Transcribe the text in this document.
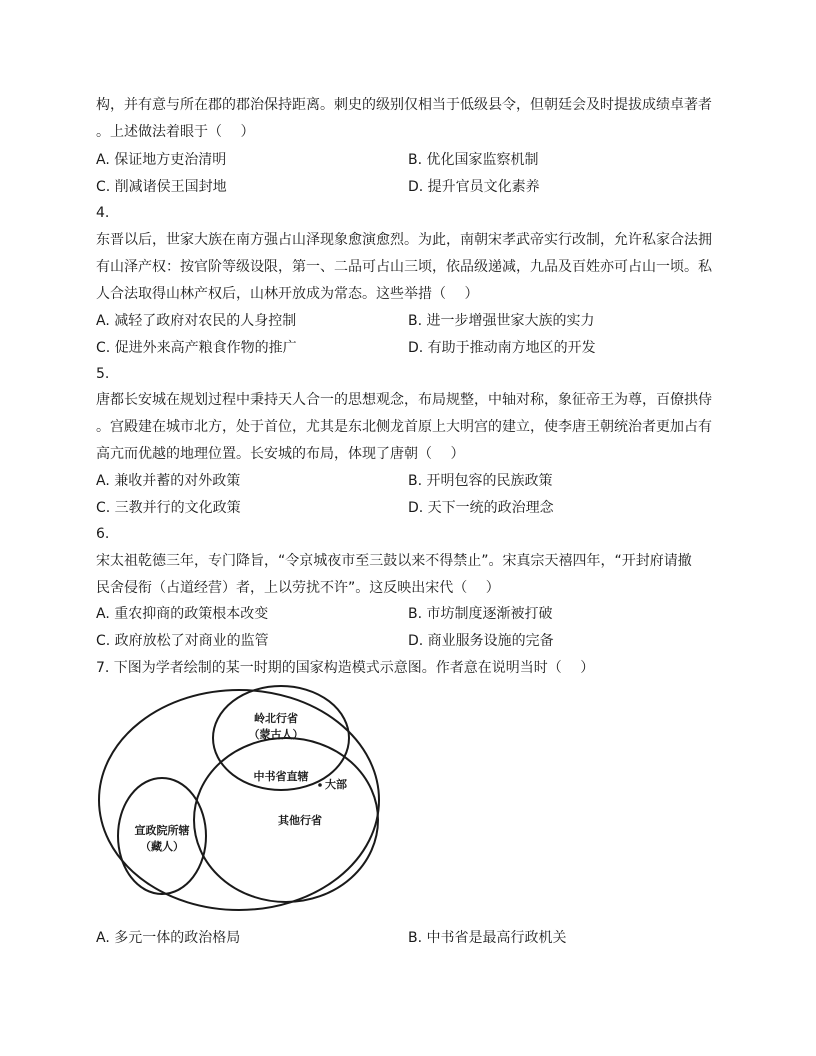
构，并有意与所在郡的郡治保持距离。刺史的级别仅相当于低级县令，但朝廷会及时提拔成绩卓著者
。上述做法着眼于（　 ）
A. 保证地方吏治清明	B. 优化国家监察机制
C. 削减诸侯王国封地	D. 提升官员文化素养
4.
东晋以后，世家大族在南方强占山泽现象愈演愈烈。为此，南朝宋孝武帝实行改制，允许私家合法拥
有山泽产权：按官阶等级设限，第一、二品可占山三顷，依品级递减，九品及百姓亦可占山一顷。私
人合法取得山林产权后，山林开放成为常态。这些举措（　 ）
A. 减轻了政府对农民的人身控制	B. 进一步增强世家大族的实力
C. 促进外来高产粮食作物的推广	D. 有助于推动南方地区的开发
5.
唐都长安城在规划过程中秉持天人合一的思想观念，布局规整，中轴对称，象征帝王为尊，百僚拱侍
。宫殿建在城市北方，处于首位，尤其是东北侧龙首原上大明宫的建立，使李唐王朝统治者更加占有
高亢而优越的地理位置。长安城的布局，体现了唐朝（　 ）
A. 兼收并蓄的对外政策	B. 开明包容的民族政策
C. 三教并行的文化政策	D. 天下一统的政治理念
6.
宋太祖乾德三年，专门降旨，“令京城夜市至三鼓以来不得禁止”。宋真宗天禧四年，“开封府请撤
民舍侵衔（占道经营）者，上以劳扰不许”。这反映出宋代（　 ）
A. 重农抑商的政策根本改变	B. 市坊制度逐渐被打破
C. 政府放松了对商业的监管	D. 商业服务设施的完备
7. 下图为学者绘制的某一时期的国家构造模式示意图。作者意在说明当时（　 ）
岭北行省
（蒙古人）
中书省直辖
大部
其他行省
宣政院所辖
（藏人）
A. 多元一体的政治格局	B. 中书省是最高行政机关
